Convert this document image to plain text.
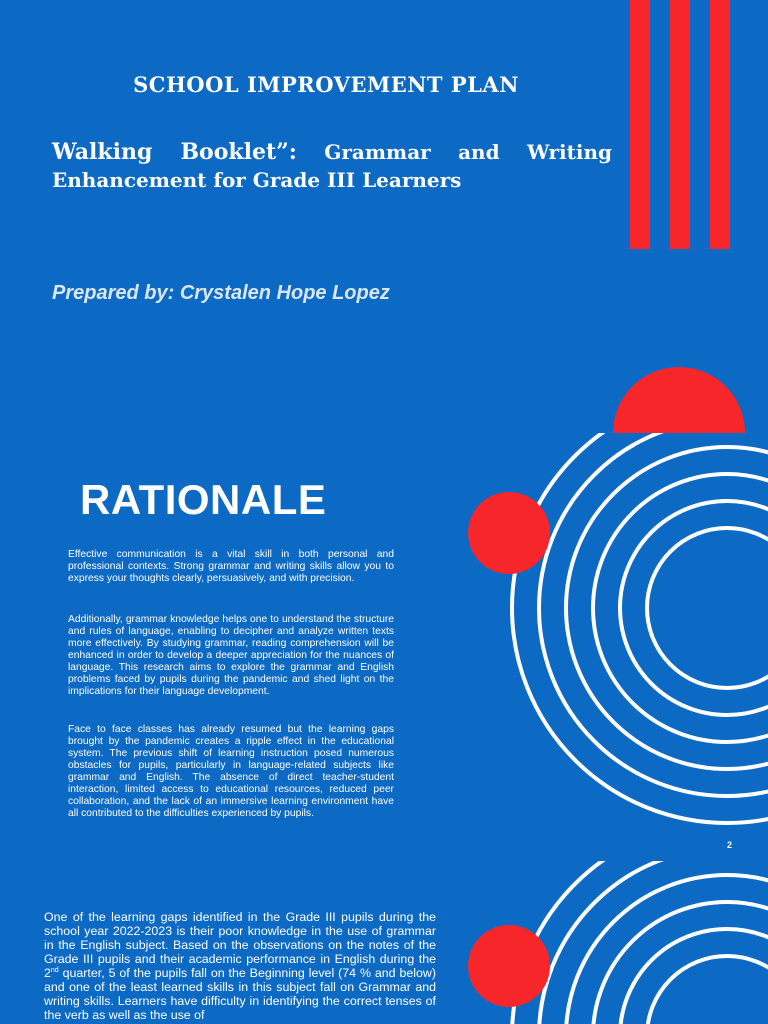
SCHOOL IMPROVEMENT PLAN
Walking Booklet”: Grammar and Writing Enhancement for Grade III Learners
Prepared by: Crystalen Hope Lopez
RATIONALE

Effective communication is a vital skill in both personal and professional contexts. Strong grammar and writing skills allow you to express your thoughts clearly, persuasively, and with precision.

Additionally, grammar knowledge helps one to understand the structure and rules of language, enabling to decipher and analyze written texts more effectively. By studying grammar, reading comprehension will be enhanced in order to develop a deeper appreciation for the nuances of language. This research aims to explore the grammar and English problems faced by pupils during the pandemic and shed light on the implications for their language development.

Face to face classes has already resumed but the learning gaps brought by the pandemic creates a ripple effect in the educational system. The previous shift of learning instruction posed numerous obstacles for pupils, particularly in language-related subjects like grammar and English. The absence of direct teacher-student interaction, limited access to educational resources, reduced peer collaboration, and the lack of an immersive learning environment have all contributed to the difficulties experienced by pupils.

2

One of the learning gaps identified in the Grade III pupils during the school year 2022-2023 is their poor knowledge in the use of grammar in the English subject. Based on the observations on the notes of the Grade III pupils and their academic performance in English during the 2nd quarter, 5 of the pupils fall on the Beginning level (74 % and below) and one of the least learned skills in this subject fall on Grammar and writing skills. Learners have difficulty in identifying the correct tenses of the verb as well as the use of
